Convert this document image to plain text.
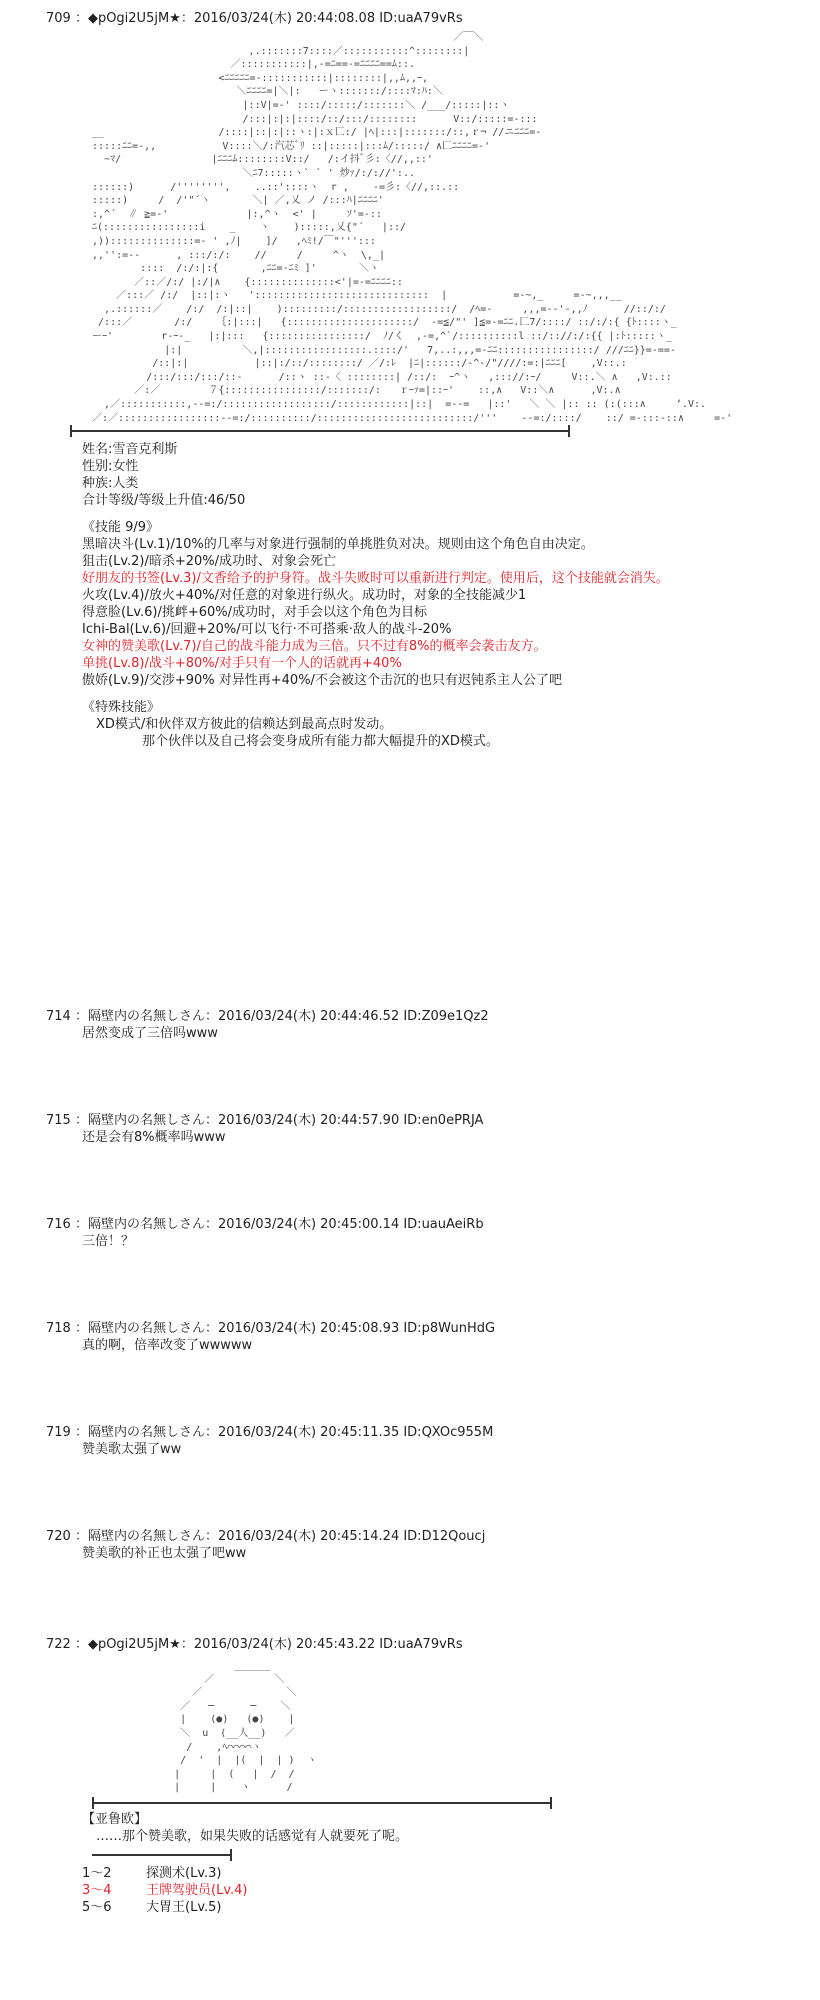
709 ：◆pOgi2U5jM★：2016/03/24(木) 20:44:08.08 ID:uaA79vRs
／￣＼
,.:::::::7::::／:::::::::::^::::::::|
／:::::::::::|,-=ﾆ==-=ﾆﾆﾆﾆ==ﾑ::.
<ﾆﾆﾆﾆﾆ=-:::::::::::|::::::::|,,ﾑ,,ｰ,
＼ﾆﾆﾆﾆ=|＼|:   ーヽ:::::::/::::ﾏ:ﾊ:＼
|::V|=-' ::::/:::::/:::::::＼ /___/:::::|::ヽ
/:::|:|:|::::/::/:::/::::::::      V::/:::::=-:::
__                   /::::|::|:|::ヽ:|:ｘ匸:/ |ﾍ|:::|:::::::/::,ｒ¬ //ニﾆﾆﾆ=-
:::::ﾆﾆ=-,,           V::::＼/:汽芯ﾞﾘ ::|:::::|:::ﾑ/:::::/ ∧匚ﾆﾆﾆﾆ=-'
~ﾏ/               |ﾆﾆﾆﾑ::::::::V::/   /:イ抖ﾞ彡:〈//,,::'
＼ﾆ7:::::ヽ` ` ' 炒ｧ/:/://':..
::::::)      /'''''''',    ..::'::::ヽ  r ,    -=彡:〈//,::.::
:::::)     /  /'"´ヽ       ＼| ／,乂 ノ /:::ﾊ|ﾆﾆﾆﾆ'
:,^´  ∥ ≧=-'             |:,^ヽ  <' |     ｿ'=-::
ﾆ(::::::::::::::::i    _    ヽ    ):::::,乂{"´   |::/
,))::::::::::::::=- ' ,ﾉ|    ]/   ,ﾍﾐ!/￣"''':::
,,'':=--      , :::/:/:    //     /     ^ヽ  \,_|
::::  /:/:|:{       ,ﾆﾆ=-ﾆﾐ ]'       ＼ヽ
／::／/:/ |:/|∧    {::::::::::::::<'|=-=ﾆﾆﾆﾆ::
／:::／ /:/  |::|:ヽ   ':::::::::::::::::::::::::::::  |           =-~,_     =-~,,,__
,.::::::／    /:/  /:|::|    ):::::::::/::::::::::::::::::/  /ﾍ=-     ,,,=--'-,,ﾉ      //::/:/
/:::／       /:/    ｛:|:::|   {:::::::::::::::::::::/  -=≦/"' ]≦=-=ﾆﾆ.匚7/::::/ ::/:/:{ {ﾄ::::ヽ_
ーｰ'        r-ｰ-_   |:|:::   {::::::::::::::::/  ﾉ/く  ,-=,^`/::::::::::l ::/:://:/:{{ |:ﾄ:::::ヽ_
|:|          ＼,|:::::::::::::::::.::::/'   7,..:,,,=-ﾆﾆ::::::::::::::::/ ///ﾆﾆ}}=-==-
/::|:|           |::|:/::/::::::::/ ／/:ﾚ  |ﾆ|::::::/-^-/"////:=:|ﾆﾆﾆ[    ,V::.:
/:::/:::/:::/::-      /::ヽ ::-〈 ::::::::| /::/:  ｰ^ヽ   ,::://:ｰ/     V::.＼ ∧   ,V:.::
／:／        ７{::::::::::::::::/:::::::/:   ｒｰｧ=|::ｰ'    ::,∧   V::＼∧      ,V:.∧
,／:::::::::::,--=:/::::::::::::::::::/::::::::::::|::|  =--=   |::'   ＼ ＼ |:: :: (:(:::∧     ‘.V:.
／:／:::::::::::::::::--=:/::::::::::/::::::::::::::::::::::::::/'''    --=:/::::/    ::/ =-:::-::∧     =-'

姓名:雪音克利斯
性别:女性
种族:人类
合计等级/等级上升值:46/50
《技能 9/9》
黑暗决斗(Lv.1)/10%的几率与对象进行强制的单挑胜负对决。规则由这个角色自由决定。
狙击(Lv.2)/暗杀+20%/成功时、对象会死亡
好朋友的书签(Lv.3)/文香给予的护身符。战斗失败时可以重新进行判定。使用后，这个技能就会消失。
火攻(Lv.4)/放火+40%/对任意的对象进行纵火。成功时，对象的全技能减少1
得意脸(Lv.6)/挑衅+60%/成功时，对手会以这个角色为目标
Ichi-Bal(Lv.6)/回避+20%/可以飞行·不可搭乘·敌人的战斗-20%
女神的赞美歌(Lv.7)/自己的战斗能力成为三倍。只不过有8%的概率会袭击友方。
单挑(Lv.8)/战斗+80%/对手只有一个人的话就再+40%
傲娇(Lv.9)/交涉+90% 对异性再+40%/不会被这个击沉的也只有迟钝系主人公了吧
《特殊技能》
XD模式/和伙伴双方彼此的信赖达到最高点时发动。
那个伙伴以及自己将会变身成所有能力都大幅提升的XD模式。
714 ：隔壁内の名無しさん：2016/03/24(木) 20:44:46.52 ID:Z09e1Qz2
居然变成了三倍吗www
715 ：隔壁内の名無しさん：2016/03/24(木) 20:44:57.90 ID:en0ePRJA
还是会有8%概率吗www
716 ：隔壁内の名無しさん：2016/03/24(木) 20:45:00.14 ID:uauAeiRb
三倍！？
718 ：隔壁内の名無しさん：2016/03/24(木) 20:45:08.93 ID:p8WunHdG
真的啊，倍率改变了wwwww
719 ：隔壁内の名無しさん：2016/03/24(木) 20:45:11.35 ID:QXOc955M
赞美歌太强了ww
720 ：隔壁内の名無しさん：2016/03/24(木) 20:45:14.24 ID:D12Qoucj
赞美歌的补正也太强了吧ww
722 ：◆pOgi2U5jM★：2016/03/24(木) 20:45:43.22 ID:uaA79vRs
______
／          ＼
／              ＼
／   ─      ─    ＼
|    (●)   (●)    |
＼  u  (__人__)   ／
/    ,ﾍ⌒⌒⌒⌒ヽ
/  '  |  |(  |  | )  ヽ
|     |  (   |  /  /
|     |    ヽ      /

【亚鲁欧】
……那个赞美歌，如果失败的话感觉有人就要死了呢。
1～2	探测术(Lv.3)
3～4	王牌驾驶员(Lv.4)
5～6	大胃王(Lv.5)
